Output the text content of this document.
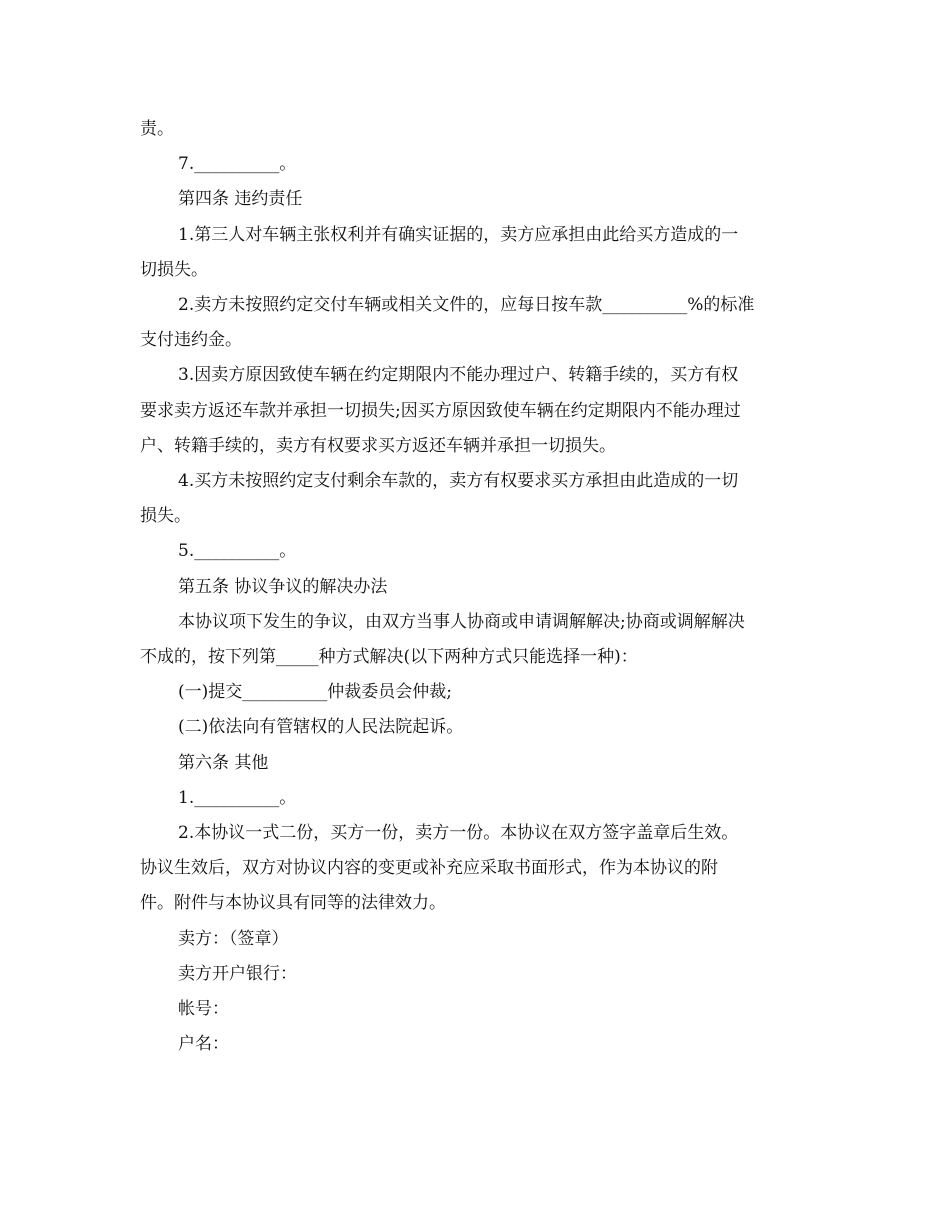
责。
7.__________。
第四条 违约责任
1.第三人对车辆主张权利并有确实证据的，卖方应承担由此给买方造成的一
切损失。
2.卖方未按照约定交付车辆或相关文件的，应每日按车款__________%的标准
支付违约金。
3.因卖方原因致使车辆在约定期限内不能办理过户、转籍手续的，买方有权
要求卖方返还车款并承担一切损失;因买方原因致使车辆在约定期限内不能办理过
户、转籍手续的，卖方有权要求买方返还车辆并承担一切损失。
4.买方未按照约定支付剩余车款的，卖方有权要求买方承担由此造成的一切
损失。
5.__________。
第五条 协议争议的解决办法
本协议项下发生的争议，由双方当事人协商或申请调解解决;协商或调解解决
不成的，按下列第_____种方式解决(以下两种方式只能选择一种)：
(一)提交__________仲裁委员会仲裁;
(二)依法向有管辖权的人民法院起诉。
第六条 其他
1.__________。
2.本协议一式二份，买方一份，卖方一份。本协议在双方签字盖章后生效。
协议生效后，双方对协议内容的变更或补充应采取书面形式，作为本协议的附
件。附件与本协议具有同等的法律效力。
卖方：（签章）
卖方开户银行：
帐号：
户名：
